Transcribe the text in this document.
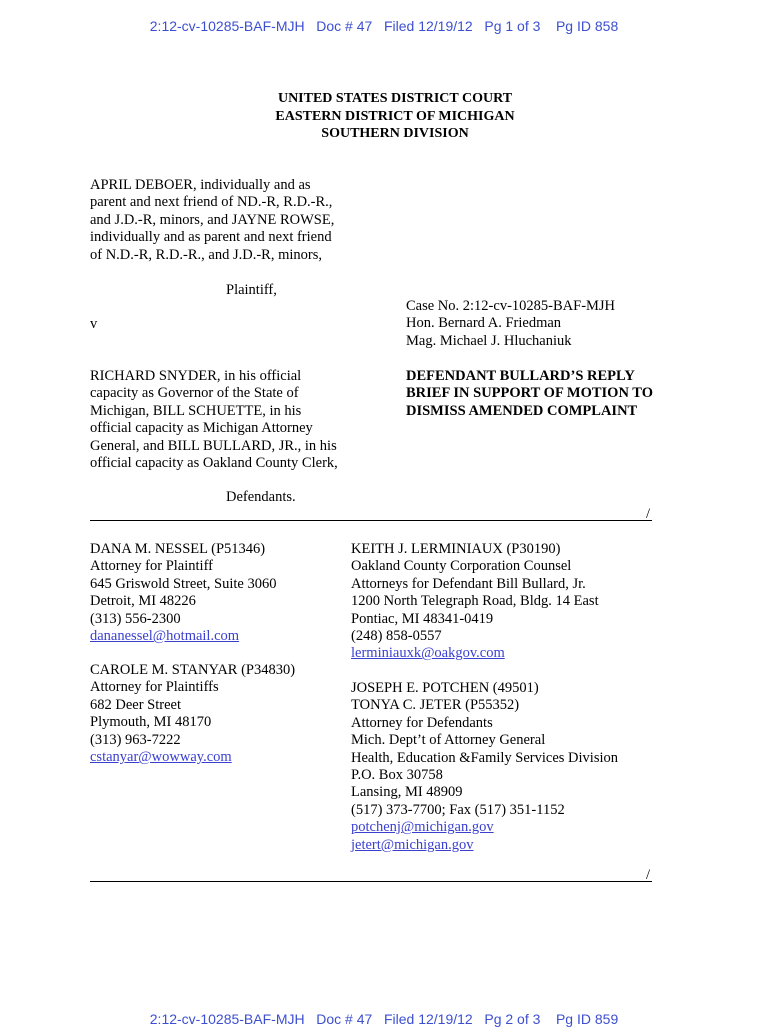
2:12-cv-10285-BAF-MJH   Doc # 47   Filed 12/19/12   Pg 1 of 3    Pg ID 858
UNITED STATES DISTRICT COURT
EASTERN DISTRICT OF MICHIGAN
SOUTHERN DIVISION
APRIL DEBOER, individually and as
parent and next friend of ND.-R, R.D.-R.,
and J.D.-R, minors, and JAYNE ROWSE,
individually and as parent and next friend
of N.D.-R, R.D.-R., and J.D.-R, minors,
Plaintiff,
Case No. 2:12-cv-10285-BAF-MJH
Hon. Bernard A. Friedman
Mag. Michael J. Hluchaniuk
v
RICHARD SNYDER, in his official
capacity as Governor of the State of
Michigan, BILL SCHUETTE, in his
official capacity as Michigan Attorney
General, and BILL BULLARD, JR., in his
official capacity as Oakland County Clerk,
DEFENDANT BULLARD’S REPLY
BRIEF IN SUPPORT OF MOTION TO
DISMISS AMENDED COMPLAINT
Defendants.
/
DANA M. NESSEL (P51346)
Attorney for Plaintiff
645 Griswold Street, Suite 3060
Detroit, MI 48226
(313) 556-2300
dananessel@hotmail.com
CAROLE M. STANYAR (P34830)
Attorney for Plaintiffs
682 Deer Street
Plymouth, MI 48170
(313) 963-7222
cstanyar@wowway.com
KEITH J. LERMINIAUX (P30190)
Oakland County Corporation Counsel
Attorneys for Defendant Bill Bullard, Jr.
1200 North Telegraph Road, Bldg. 14 East
Pontiac, MI 48341-0419
(248) 858-0557
lerminiauxk@oakgov.com
JOSEPH E. POTCHEN (49501)
TONYA C. JETER (P55352)
Attorney for Defendants
Mich. Dept’t of Attorney General
Health, Education &Family Services Division
P.O. Box 30758
Lansing, MI 48909
(517) 373-7700; Fax (517) 351-1152
potchenj@michigan.gov
jetert@michigan.gov
/
2:12-cv-10285-BAF-MJH   Doc # 47   Filed 12/19/12   Pg 2 of 3    Pg ID 859
